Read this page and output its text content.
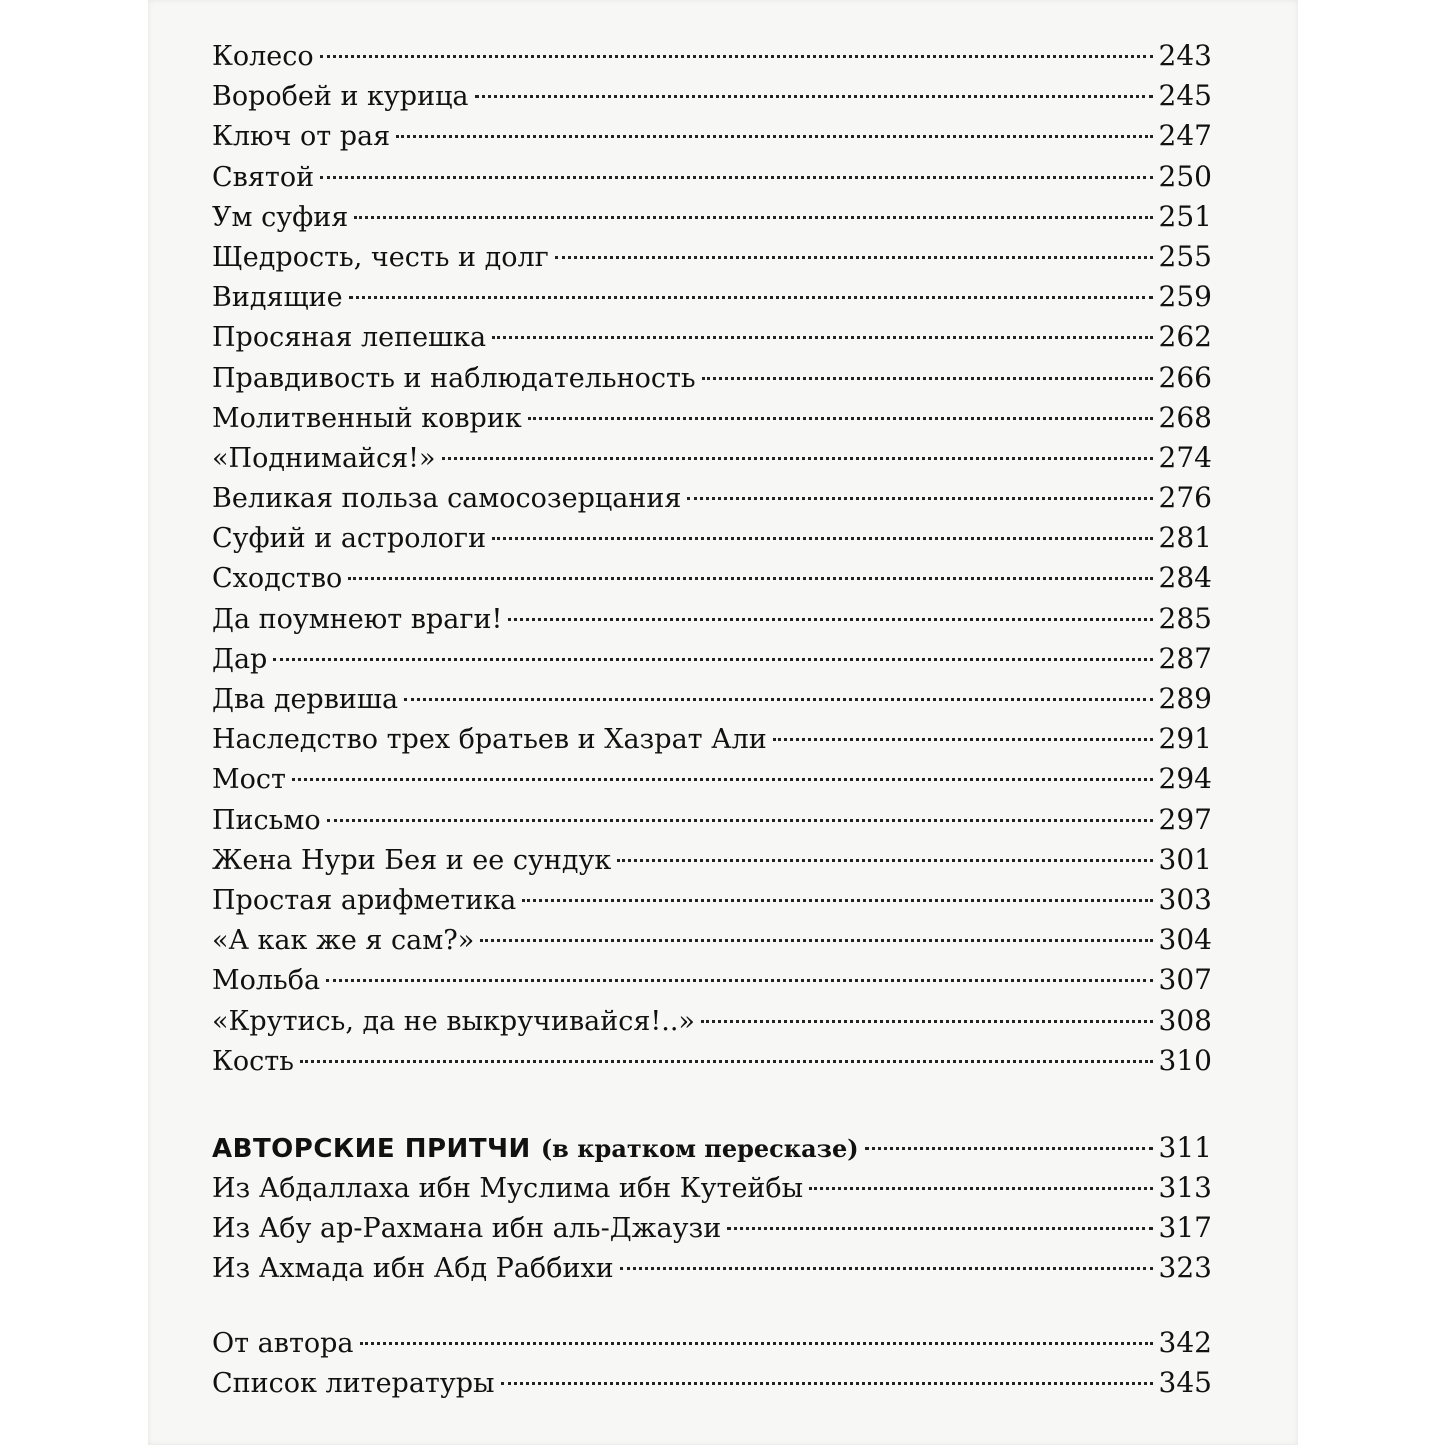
Колесо	243
Воробей и курица	245
Ключ от рая	247
Святой	250
Ум суфия	251
Щедрость, честь и долг	255
Видящие	259
Просяная лепешка	262
Правдивость и наблюдательность	266
Молитвенный коврик	268
«Поднимайся!»	274
Великая польза самосозерцания	276
Суфий и астрологи	281
Сходство	284
Да поумнеют враги!	285
Дар	287
Два дервиша	289
Наследство трех братьев и Хазрат Али	291
Мост	294
Письмо	297
Жена Нури Бея и ее сундук	301
Простая арифметика	303
«А как же я сам?»	304
Мольба	307
«Крутись, да не выкручивайся!..»	308
Кость	310
АВТОРСКИЕ ПРИТЧИ (в кратком пересказе)	311
Из Абдаллаха ибн Муслима ибн Кутейбы	313
Из Абу ар-Рахмана ибн аль-Джаузи	317
Из Ахмада ибн Абд Раббихи	323
От автора	342
Список литературы	345
